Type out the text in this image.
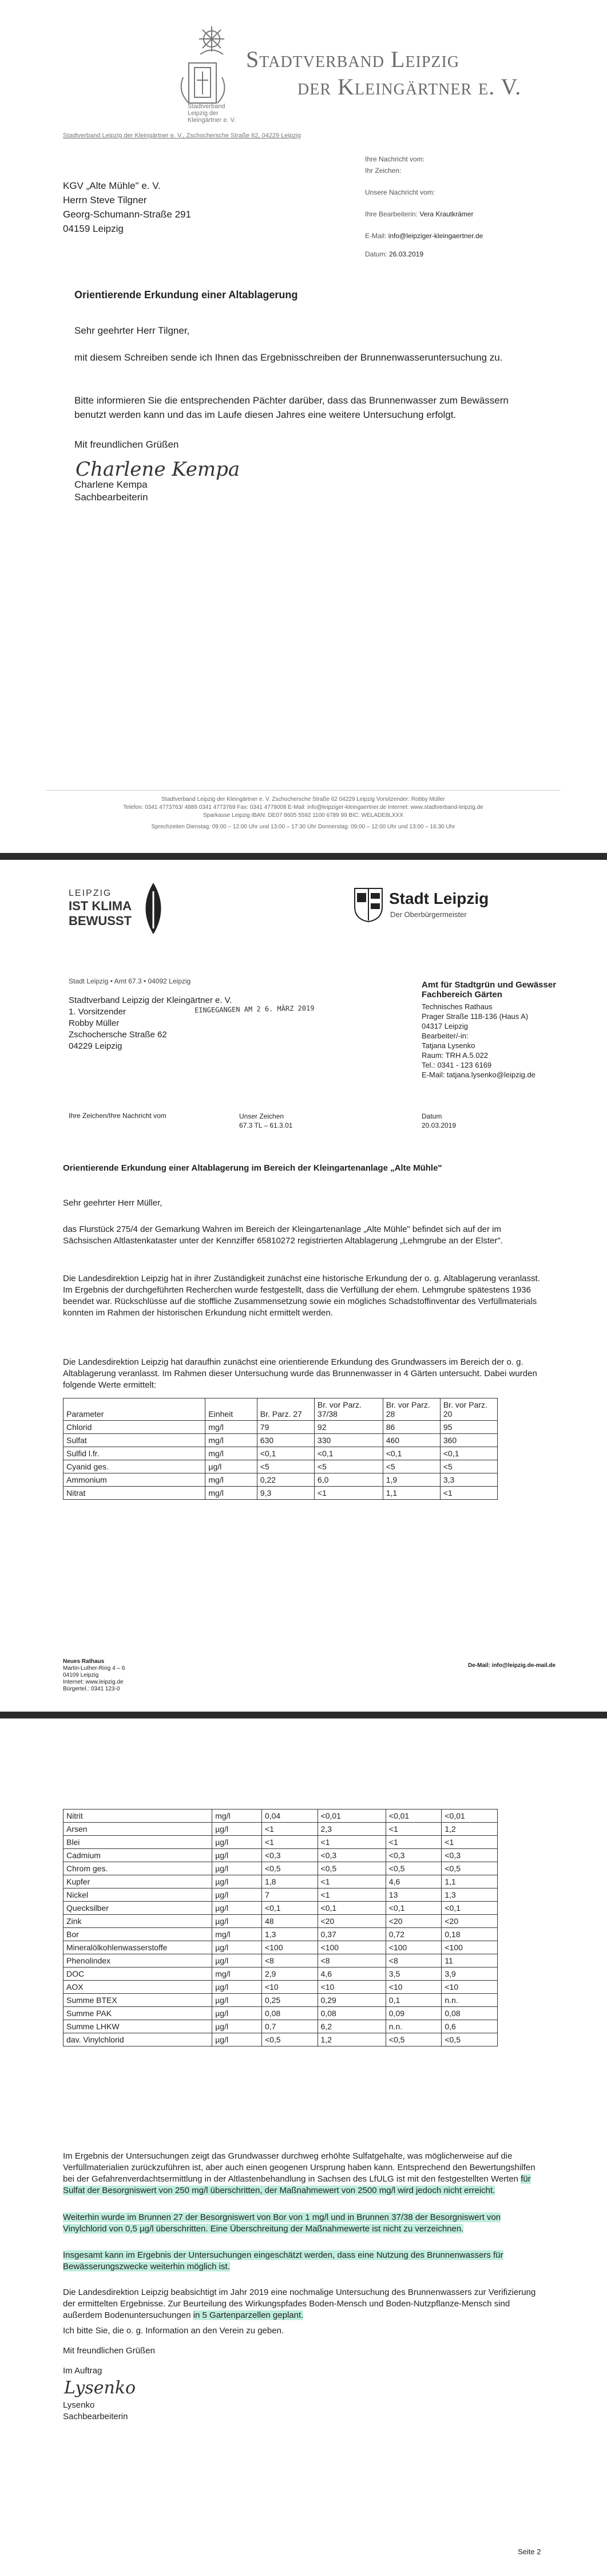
Stadtverband Leipzig der Kleingärtner e. V.
Stadtverband Leipzig
der Kleingärtner e. V.
Stadtverband Leipzig der Kleingärtner e. V., Zschochersche Straße 62, 04229 Leipzig
KGV „Alte Mühle" e. V.
Herrn Steve Tilgner
Georg-Schumann-Straße 291
04159 Leipzig
Ihre Nachricht vom:
Ihr Zeichen:
Unsere Nachricht vom:
Ihre Bearbeiterin: Vera Krautkrämer
E-Mail: info@leipziger-kleingaertner.de
Datum: 26.03.2019
Orientierende Erkundung einer Altablagerung
Sehr geehrter Herr Tilgner,
mit diesem Schreiben sende ich Ihnen das Ergebnisschreiben der Brunnenwasseruntersuchung zu.
Bitte informieren Sie die entsprechenden Pächter darüber, dass das Brunnenwasser zum Bewässern benutzt werden kann und das im Laufe diesen Jahres eine weitere Untersuchung erfolgt.
Mit freundlichen Grüßen
Charlene Kempa
Charlene Kempa
Sachbearbeiterin
Stadtverband Leipzig der Kleingärtner e. V. Zschochersche Straße 62 04229 Leipzig Vorsitzender: Robby Müller
Telefon: 0341 4773763/ 4889 0341 4773769 Fax: 0341 4779008 E-Mail: info@leipziger-kleingaertner.de Internet: www.stadtverband-leipzig.de
Sparkasse Leipzig IBAN: DE07 8605 5592 1100 6789 99 BIC: WELADE8LXXX
Sprechzeiten Dienstag: 09:00 – 12:00 Uhr und 13:00 – 17:30 Uhr Donnerstag: 09:00 – 12:00 Uhr und 13:00 – 16:30 Uhr
LEIPZIG
IST KLIMA
BEWUSST
Stadt Leipzig
Der Oberbürgermeister
Stadt Leipzig • Amt 67.3 • 04092 Leipzig
Stadtverband Leipzig der Kleingärtner e. V.
1. Vorsitzender
Robby Müller
Zschochersche Straße 62
04229 Leipzig
EINGEGANGEN AM 2 6. MÄRZ 2019
Amt für Stadtgrün und Gewässer
Fachbereich Gärten
Technisches Rathaus
Prager Straße 118-136 (Haus A)
04317 Leipzig
Bearbeiter/-in:
Tatjana Lysenko
Raum: TRH A.5.022
Tel.: 0341 - 123 6169
E-Mail: tatjana.lysenko@leipzig.de
Ihre Zeichen/Ihre Nachricht vom	Unser Zeichen
67.3 TL – 61.3.01
Datum
20.03.2019
Orientierende Erkundung einer Altablagerung im Bereich der Kleingartenanlage „Alte Mühle"
Sehr geehrter Herr Müller,
das Flurstück 275/4 der Gemarkung Wahren im Bereich der Kleingartenanlage „Alte Mühle" befindet sich auf der im Sächsischen Altlastenkataster unter der Kennziffer 65810272 registrierten Altablagerung „Lehmgrube an der Elster".
Die Landesdirektion Leipzig hat in ihrer Zuständigkeit zunächst eine historische Erkundung der o. g. Altablagerung veranlasst. Im Ergebnis der durchgeführten Recherchen wurde festgestellt, dass die Verfüllung der ehem. Lehmgrube spätestens 1936 beendet war. Rückschlüsse auf die stoffliche Zusammensetzung sowie ein mögliches Schadstoffinventar des Verfüllmaterials konnten im Rahmen der historischen Erkundung nicht ermittelt werden.
Die Landesdirektion Leipzig hat daraufhin zunächst eine orientierende Erkundung des Grundwassers im Bereich der o. g. Altablagerung veranlasst. Im Rahmen dieser Untersuchung wurde das Brunnenwasser in 4 Gärten untersucht. Dabei wurden folgende Werte ermittelt:
Parameter	Einheit	Br. Parz. 27	Br. vor Parz. 37/38	Br. vor Parz. 28	Br. vor Parz. 20
Chlorid	mg/l	79	92	86	95
Sulfat	mg/l	630	330	460	360
Sulfid l.fr.	mg/l	<0,1	<0,1	<0,1	<0,1
Cyanid ges.	µg/l	<5	<5	<5	<5
Ammonium	mg/l	0,22	6,0	1,9	3,3
Nitrat	mg/l	9,3	<1	1,1	<1
Neues Rathaus
Martin-Luther-Ring 4 – 6
04109 Leipzig
Internet: www.leipzig.de
Bürgertel.: 0341 123-0
De-Mail: info@leipzig.de-mail.de
Nitrit	mg/l	0,04	<0,01	<0,01	<0,01
Arsen	µg/l	<1	2,3	<1	1,2
Blei	µg/l	<1	<1	<1	<1
Cadmium	µg/l	<0,3	<0,3	<0,3	<0,3
Chrom ges.	µg/l	<0,5	<0,5	<0,5	<0,5
Kupfer	µg/l	1,8	<1	4,6	1,1
Nickel	µg/l	7	<1	13	1,3
Quecksilber	µg/l	<0,1	<0,1	<0,1	<0,1
Zink	µg/l	48	<20	<20	<20
Bor	mg/l	1,3	0,37	0,72	0,18
Mineralölkohlenwasserstoffe	µg/l	<100	<100	<100	<100
Phenolindex	µg/l	<8	<8	<8	11
DOC	mg/l	2,9	4,6	3,5	3,9
AOX	µg/l	<10	<10	<10	<10
Summe BTEX	µg/l	0,25	0,29	0,1	n.n.
Summe PAK	µg/l	0,08	0,08	0,09	0,08
Summe LHKW	µg/l	0,7	6,2	n.n.	0,6
dav. Vinylchlorid	µg/l	<0,5	1,2	<0,5	<0,5
Im Ergebnis der Untersuchungen zeigt das Grundwasser durchweg erhöhte Sulfatgehalte, was möglicherweise auf die Verfüllmaterialien zurückzuführen ist, aber auch einen geogenen Ursprung haben kann. Entsprechend den Bewertungshilfen bei der Gefahrenverdachtsermittlung in der Altlastenbehandlung in Sachsen des LfULG ist mit den festgestellten Werten für Sulfat der Besorgniswert von 250 mg/l überschritten, der Maßnahmewert von 2500 mg/l wird jedoch nicht erreicht.
Weiterhin wurde im Brunnen 27 der Besorgniswert von Bor von 1 mg/l und in Brunnen 37/38 der Besorgniswert von Vinylchlorid von 0,5 µg/l überschritten. Eine Überschreitung der Maßnahmewerte ist nicht zu verzeichnen.
Insgesamt kann im Ergebnis der Untersuchungen eingeschätzt werden, dass eine Nutzung des Brunnenwassers für Bewässerungszwecke weiterhin möglich ist.
Die Landesdirektion Leipzig beabsichtigt im Jahr 2019 eine nochmalige Untersuchung des Brunnenwassers zur Verifizierung der ermittelten Ergebnisse. Zur Beurteilung des Wirkungspfades Boden-Mensch und Boden-Nutzpflanze-Mensch sind außerdem Bodenuntersuchungen in 5 Gartenparzellen geplant.
Ich bitte Sie, die o. g. Information an den Verein zu geben.
Mit freundlichen Grüßen
Im Auftrag
Lysenko
Lysenko
Sachbearbeiterin
Seite 2
